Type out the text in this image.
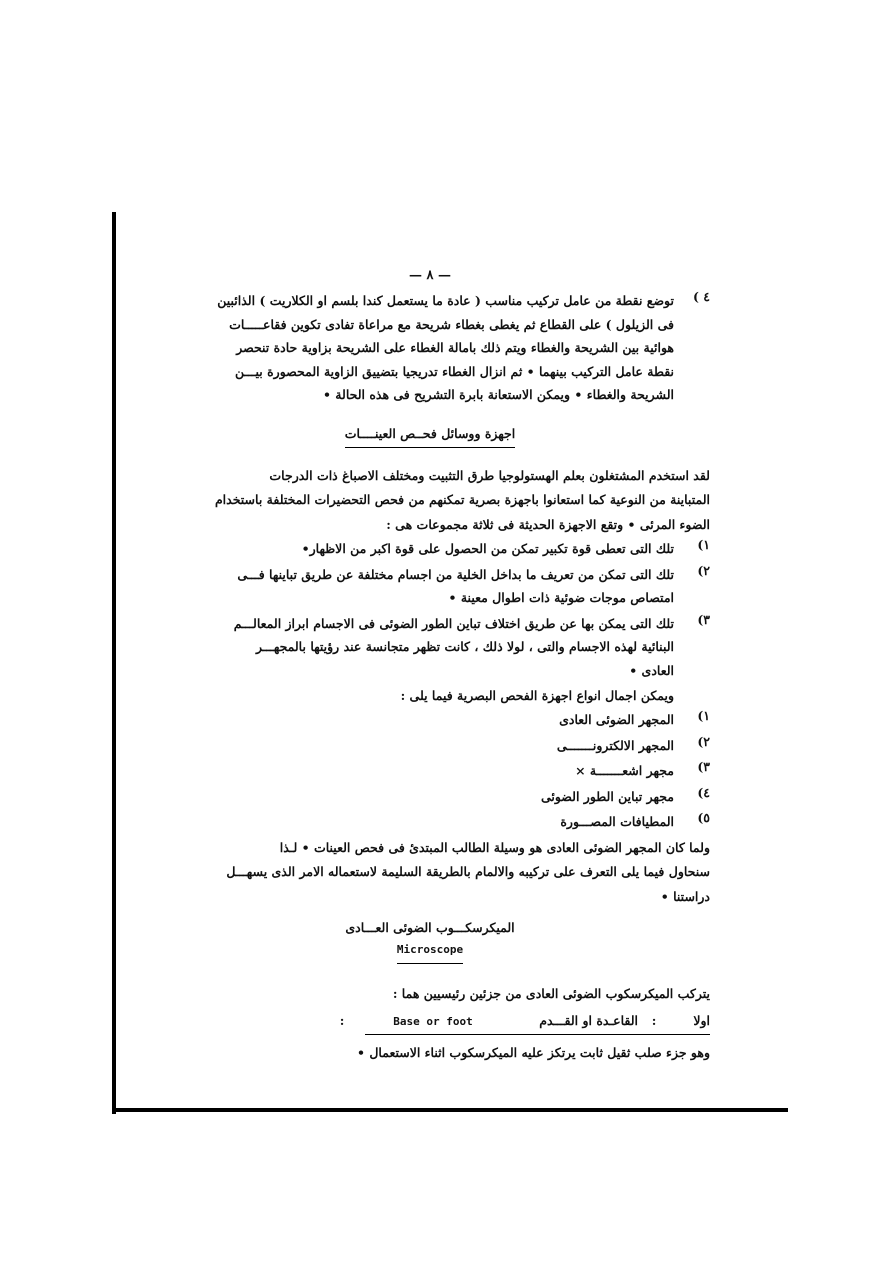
— ٨ —
٤ )

توضع نقطة من عامل تركيب مناسب ( عادة ما يستعمل كندا بلسم او الكلاريت ) الذائبين

فى الزيلول ) على القطاع ثم يغطى بغطاء شريحة مع مراعاة تفادى تكوين فقاعـــــات

هوائية بين الشريحة والغطاء ويتم ذلك بامالة الغطاء على الشريحة بزاوية حادة تنحصر

نقطة عامل التركيب بينهما • ثم انزال الغطاء تدريجيا بتضييق الزاوية المحصورة بيـــن

الشريحة والغطاء • ويمكن الاستعانة بابرة التشريح فى هذه الحالة •

اجهزة ووسائل فحــص العينــــات

لقد استخدم المشتغلون بعلم الهستولوجيا طرق التثبيت ومختلف الاصباغ ذات الدرجات

المتباينة من النوعية كما استعانوا باجهزة بصرية تمكنهم من فحص التحضيرات المختلفة باستخدام

الضوء المرئى • وتقع الاجهزة الحديثة فى ثلاثة مجموعات هى :

١)

تلك التى تعطى قوة تكبير تمكن من الحصول على قوة اكبر من الاظهار•

٢)

تلك التى تمكن من تعريف ما بداخل الخلية من اجسام مختلفة عن طريق تباينها فـــى

امتصاص موجات ضوئية ذات اطوال معينة •

٣)

تلك التى يمكن بها عن طريق اختلاف تباين الطور الضوئى فى الاجسام ابراز المعالـــم

البنائية لهذه الاجسام والتى ، لولا ذلك ، كانت تظهر متجانسة عند رؤيتها بالمجهـــر

العادى •

ويمكن اجمال انواع اجهزة الفحص البصرية فيما يلى :

١)

المجهر الضوئى العادى

٢)

المجهر الالكترونـــــــى

٣)

مجهر اشعـــــــة ×

٤)

مجهر تباين الطور الضوئى

٥)

المطيافات المصـــورة

ولما كان المجهر الضوئى العادى هو وسيلة الطالب المبتدئ فى فحص العينات • لـذا

سنحاول فيما يلى التعرف على تركيبه والالمام بالطريقة السليمة لاستعماله الامر الذى يسهـــل

دراستنا •

الميكرسكـــوب الضوئى العـــادى
Microscope

يتركب الميكرسكوب الضوئى العادى من جزئين رئيسيين هما :

اولا
:
القاعـدة او القـــدم
Base or foot
:

وهو جزء صلب ثقيل ثابت يرتكز عليه الميكرسكوب اثناء الاستعمال •
